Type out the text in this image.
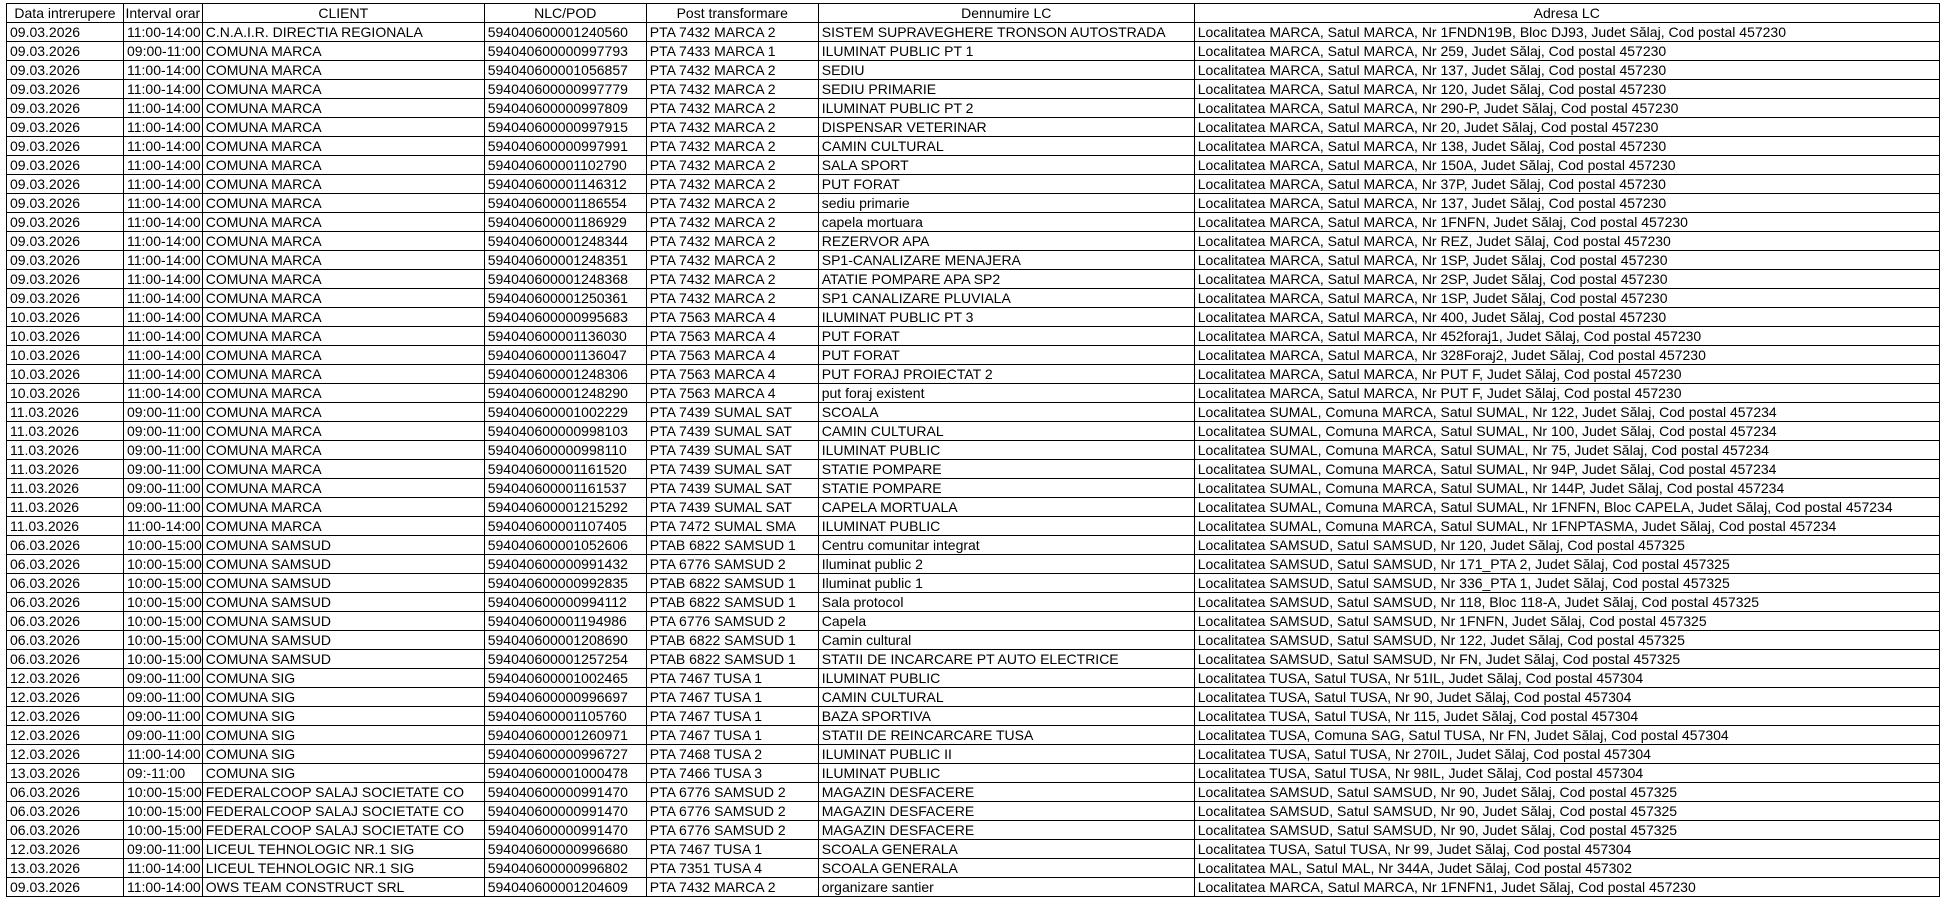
Data intrerupere	Interval orar	CLIENT	NLC/POD	Post transformare	Dennumire LC	Adresa LC
09.03.2026	11:00-14:00	C.N.A.I.R. DIRECTIA REGIONALA	594040600001240560	PTA 7432 MARCA 2	SISTEM SUPRAVEGHERE TRONSON AUTOSTRADA	Localitatea MARCA, Satul MARCA, Nr 1FNDN19B, Bloc DJ93, Judet Sălaj, Cod postal 457230
09.03.2026	09:00-11:00	COMUNA MARCA	594040600000997793	PTA 7433 MARCA 1	ILUMINAT PUBLIC PT 1	Localitatea MARCA, Satul MARCA, Nr 259, Judet Sălaj, Cod postal 457230
09.03.2026	11:00-14:00	COMUNA MARCA	594040600001056857	PTA 7432 MARCA 2	SEDIU	Localitatea MARCA, Satul MARCA, Nr 137, Judet Sălaj, Cod postal 457230
09.03.2026	11:00-14:00	COMUNA MARCA	594040600000997779	PTA 7432 MARCA 2	SEDIU PRIMARIE	Localitatea MARCA, Satul MARCA, Nr 120, Judet Sălaj, Cod postal 457230
09.03.2026	11:00-14:00	COMUNA MARCA	594040600000997809	PTA 7432 MARCA 2	ILUMINAT PUBLIC PT 2	Localitatea MARCA, Satul MARCA, Nr 290-P, Judet Sălaj, Cod postal 457230
09.03.2026	11:00-14:00	COMUNA MARCA	594040600000997915	PTA 7432 MARCA 2	DISPENSAR VETERINAR	Localitatea MARCA, Satul MARCA, Nr 20, Judet Sălaj, Cod postal 457230
09.03.2026	11:00-14:00	COMUNA MARCA	594040600000997991	PTA 7432 MARCA 2	CAMIN CULTURAL	Localitatea MARCA, Satul MARCA, Nr 138, Judet Sălaj, Cod postal 457230
09.03.2026	11:00-14:00	COMUNA MARCA	594040600001102790	PTA 7432 MARCA 2	SALA SPORT	Localitatea MARCA, Satul MARCA, Nr 150A, Judet Sălaj, Cod postal 457230
09.03.2026	11:00-14:00	COMUNA MARCA	594040600001146312	PTA 7432 MARCA 2	PUT FORAT	Localitatea MARCA, Satul MARCA, Nr 37P, Judet Sălaj, Cod postal 457230
09.03.2026	11:00-14:00	COMUNA MARCA	594040600001186554	PTA 7432 MARCA 2	sediu primarie	Localitatea MARCA, Satul MARCA, Nr 137, Judet Sălaj, Cod postal 457230
09.03.2026	11:00-14:00	COMUNA MARCA	594040600001186929	PTA 7432 MARCA 2	capela mortuara	Localitatea MARCA, Satul MARCA, Nr 1FNFN, Judet Sălaj, Cod postal 457230
09.03.2026	11:00-14:00	COMUNA MARCA	594040600001248344	PTA 7432 MARCA 2	REZERVOR APA	Localitatea MARCA, Satul MARCA, Nr REZ, Judet Sălaj, Cod postal 457230
09.03.2026	11:00-14:00	COMUNA MARCA	594040600001248351	PTA 7432 MARCA 2	SP1-CANALIZARE MENAJERA	Localitatea MARCA, Satul MARCA, Nr 1SP, Judet Sălaj, Cod postal 457230
09.03.2026	11:00-14:00	COMUNA MARCA	594040600001248368	PTA 7432 MARCA 2	ATATIE POMPARE APA SP2	Localitatea MARCA, Satul MARCA, Nr 2SP, Judet Sălaj, Cod postal 457230
09.03.2026	11:00-14:00	COMUNA MARCA	594040600001250361	PTA 7432 MARCA 2	SP1 CANALIZARE PLUVIALA	Localitatea MARCA, Satul MARCA, Nr 1SP, Judet Sălaj, Cod postal 457230
10.03.2026	11:00-14:00	COMUNA MARCA	594040600000995683	PTA 7563 MARCA 4	ILUMINAT PUBLIC PT 3	Localitatea MARCA, Satul MARCA, Nr 400, Judet Sălaj, Cod postal 457230
10.03.2026	11:00-14:00	COMUNA MARCA	594040600001136030	PTA 7563 MARCA 4	PUT FORAT	Localitatea MARCA, Satul MARCA, Nr 452foraj1, Judet Sălaj, Cod postal 457230
10.03.2026	11:00-14:00	COMUNA MARCA	594040600001136047	PTA 7563 MARCA 4	PUT FORAT	Localitatea MARCA, Satul MARCA, Nr 328Foraj2, Judet Sălaj, Cod postal 457230
10.03.2026	11:00-14:00	COMUNA MARCA	594040600001248306	PTA 7563 MARCA 4	PUT FORAJ PROIECTAT 2	Localitatea MARCA, Satul MARCA, Nr PUT F, Judet Sălaj, Cod postal 457230
10.03.2026	11:00-14:00	COMUNA MARCA	594040600001248290	PTA 7563 MARCA 4	put foraj existent	Localitatea MARCA, Satul MARCA, Nr PUT F, Judet Sălaj, Cod postal 457230
11.03.2026	09:00-11:00	COMUNA MARCA	594040600001002229	PTA 7439 SUMAL SAT	SCOALA	Localitatea SUMAL, Comuna MARCA, Satul SUMAL, Nr 122, Judet Sălaj, Cod postal 457234
11.03.2026	09:00-11:00	COMUNA MARCA	594040600000998103	PTA 7439 SUMAL SAT	CAMIN CULTURAL	Localitatea SUMAL, Comuna MARCA, Satul SUMAL, Nr 100, Judet Sălaj, Cod postal 457234
11.03.2026	09:00-11:00	COMUNA MARCA	594040600000998110	PTA 7439 SUMAL SAT	ILUMINAT PUBLIC	Localitatea SUMAL, Comuna MARCA, Satul SUMAL, Nr 75, Judet Sălaj, Cod postal 457234
11.03.2026	09:00-11:00	COMUNA MARCA	594040600001161520	PTA 7439 SUMAL SAT	STATIE POMPARE	Localitatea SUMAL, Comuna MARCA, Satul SUMAL, Nr 94P, Judet Sălaj, Cod postal 457234
11.03.2026	09:00-11:00	COMUNA MARCA	594040600001161537	PTA 7439 SUMAL SAT	STATIE POMPARE	Localitatea SUMAL, Comuna MARCA, Satul SUMAL, Nr 144P, Judet Sălaj, Cod postal 457234
11.03.2026	09:00-11:00	COMUNA MARCA	594040600001215292	PTA 7439 SUMAL SAT	CAPELA MORTUALA	Localitatea SUMAL, Comuna MARCA, Satul SUMAL, Nr 1FNFN, Bloc CAPELA, Judet Sălaj, Cod postal 457234
11.03.2026	11:00-14:00	COMUNA MARCA	594040600001107405	PTA 7472 SUMAL SMA	ILUMINAT PUBLIC	Localitatea SUMAL, Comuna MARCA, Satul SUMAL, Nr 1FNPTASMA, Judet Sălaj, Cod postal 457234
06.03.2026	10:00-15:00	COMUNA SAMSUD	594040600001052606	PTAB 6822 SAMSUD 1	Centru comunitar integrat	Localitatea SAMSUD, Satul SAMSUD, Nr 120, Judet Sălaj, Cod postal 457325
06.03.2026	10:00-15:00	COMUNA SAMSUD	594040600000991432	PTA 6776 SAMSUD 2	Iluminat public 2	Localitatea SAMSUD, Satul SAMSUD, Nr 171_PTA 2, Judet Sălaj, Cod postal 457325
06.03.2026	10:00-15:00	COMUNA SAMSUD	594040600000992835	PTAB 6822 SAMSUD 1	Iluminat public 1	Localitatea SAMSUD, Satul SAMSUD, Nr 336_PTA 1, Judet Sălaj, Cod postal 457325
06.03.2026	10:00-15:00	COMUNA SAMSUD	594040600000994112	PTAB 6822 SAMSUD 1	Sala protocol	Localitatea SAMSUD, Satul SAMSUD, Nr 118, Bloc 118-A, Judet Sălaj, Cod postal 457325
06.03.2026	10:00-15:00	COMUNA SAMSUD	594040600001194986	PTA 6776 SAMSUD 2	Capela	Localitatea SAMSUD, Satul SAMSUD, Nr 1FNFN, Judet Sălaj, Cod postal 457325
06.03.2026	10:00-15:00	COMUNA SAMSUD	594040600001208690	PTAB 6822 SAMSUD 1	Camin cultural	Localitatea SAMSUD, Satul SAMSUD, Nr 122, Judet Sălaj, Cod postal 457325
06.03.2026	10:00-15:00	COMUNA SAMSUD	594040600001257254	PTAB 6822 SAMSUD 1	STATII DE INCARCARE PT AUTO ELECTRICE	Localitatea SAMSUD, Satul SAMSUD, Nr FN, Judet Sălaj, Cod postal 457325
12.03.2026	09:00-11:00	COMUNA SIG	594040600001002465	PTA 7467 TUSA 1	ILUMINAT PUBLIC	Localitatea TUSA, Satul TUSA, Nr 51IL, Judet Sălaj, Cod postal 457304
12.03.2026	09:00-11:00	COMUNA SIG	594040600000996697	PTA 7467 TUSA 1	CAMIN CULTURAL	Localitatea TUSA, Satul TUSA, Nr 90, Judet Sălaj, Cod postal 457304
12.03.2026	09:00-11:00	COMUNA SIG	594040600001105760	PTA 7467 TUSA 1	BAZA SPORTIVA	Localitatea TUSA, Satul TUSA, Nr 115, Judet Sălaj, Cod postal 457304
12.03.2026	09:00-11:00	COMUNA SIG	594040600001260971	PTA 7467 TUSA 1	STATII DE REINCARCARE TUSA	Localitatea TUSA, Comuna SAG, Satul TUSA, Nr FN, Judet Sălaj, Cod postal 457304
12.03.2026	11:00-14:00	COMUNA SIG	594040600000996727	PTA 7468 TUSA 2	ILUMINAT PUBLIC II	Localitatea TUSA, Satul TUSA, Nr 270IL, Judet Sălaj, Cod postal 457304
13.03.2026	09:-11:00	COMUNA SIG	594040600001000478	PTA 7466 TUSA 3	ILUMINAT PUBLIC	Localitatea TUSA, Satul TUSA, Nr 98IL, Judet Sălaj, Cod postal 457304
06.03.2026	10:00-15:00	FEDERALCOOP SALAJ SOCIETATE CO	594040600000991470	PTA 6776 SAMSUD 2	MAGAZIN DESFACERE	Localitatea SAMSUD, Satul SAMSUD, Nr 90, Judet Sălaj, Cod postal 457325
06.03.2026	10:00-15:00	FEDERALCOOP SALAJ SOCIETATE CO	594040600000991470	PTA 6776 SAMSUD 2	MAGAZIN DESFACERE	Localitatea SAMSUD, Satul SAMSUD, Nr 90, Judet Sălaj, Cod postal 457325
06.03.2026	10:00-15:00	FEDERALCOOP SALAJ SOCIETATE CO	594040600000991470	PTA 6776 SAMSUD 2	MAGAZIN DESFACERE	Localitatea SAMSUD, Satul SAMSUD, Nr 90, Judet Sălaj, Cod postal 457325
12.03.2026	09:00-11:00	LICEUL TEHNOLOGIC NR.1 SIG	594040600000996680	PTA 7467 TUSA 1	SCOALA GENERALA	Localitatea TUSA, Satul TUSA, Nr 99, Judet Sălaj, Cod postal 457304
13.03.2026	11:00-14:00	LICEUL TEHNOLOGIC NR.1 SIG	594040600000996802	PTA 7351 TUSA 4	SCOALA GENERALA	Localitatea MAL, Satul MAL, Nr 344A, Judet Sălaj, Cod postal 457302
09.03.2026	11:00-14:00	OWS TEAM CONSTRUCT SRL	594040600001204609	PTA 7432 MARCA 2	organizare santier	Localitatea MARCA, Satul MARCA, Nr 1FNFN1, Judet Sălaj, Cod postal 457230
